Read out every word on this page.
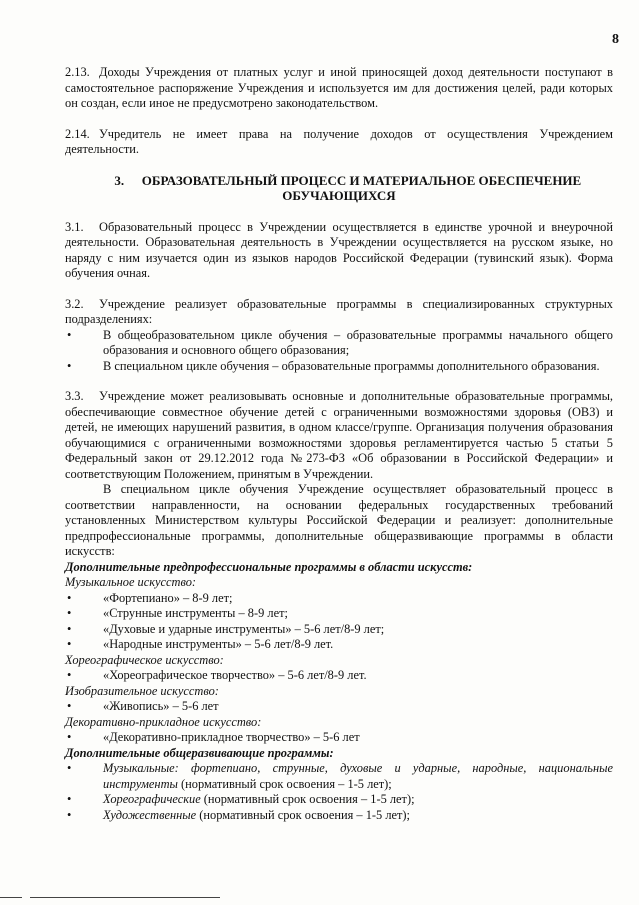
8

2.13. Доходы Учреждения от платных услуг и иной приносящей доход деятельности поступают в самостоятельное распоряжение Учреждения и используется им для достижения целей, ради которых он создан, если иное не предусмотрено законодательством.

2.14. Учредитель не имеет права на получение доходов от осуществления Учреждением деятельности.

3. ОБРАЗОВАТЕЛЬНЫЙ ПРОЦЕСС И МАТЕРИАЛЬНОЕ ОБЕСПЕЧЕНИЕ
ОБУЧАЮЩИХСЯ

3.1. Образовательный процесс в Учреждении осуществляется в единстве урочной и внеурочной деятельности. Образовательная деятельность в Учреждении осуществляется на русском языке, но наряду с ним изучается один из языков народов Российской Федерации (тувинский язык). Форма обучения очная.

3.2. Учреждение реализует образовательные программы в специализированных структурных подразделениях:

•	В общеобразовательном цикле обучения – образовательные программы начального общего образования и основного общего образования;

•	В специальном цикле обучения – образовательные программы дополнительного образования.

3.3. Учреждение может реализовывать основные и дополнительные образовательные программы, обеспечивающие совместное обучение детей с ограниченными возможностями здоровья (ОВЗ) и детей, не имеющих нарушений развития, в одном классе/группе. Организация получения образования обучающимися с ограниченными возможностями здоровья регламентируется частью 5 статьи 5 Федеральный закон от 29.12.2012 года №273-ФЗ «Об образовании в Российской Федерации» и соответствующим Положением, принятым в Учреждении.

В специальном цикле обучения Учреждение осуществляет образовательный процесс в соответствии направленности, на основании федеральных государственных требований установленных Министерством культуры Российской Федерации и реализует: дополнительные предпрофессиональные программы, дополнительные общеразвивающие программы в области искусств:

Дополнительные предпрофессиональные программы в области искусств:

Музыкальное искусство:

•	«Фортепиано» – 8-9 лет;

•	«Струнные инструменты – 8-9 лет;

•	«Духовые и ударные инструменты» – 5-6 лет/8-9 лет;

•	«Народные инструменты» – 5-6 лет/8-9 лет.

Хореографическое искусство:

•	«Хореографическое творчество» – 5-6 лет/8-9 лет.

Изобразительное искусство:

•	«Живопись» – 5-6 лет

Декоративно-прикладное искусство:

•	«Декоративно-прикладное творчество» – 5-6 лет

Дополнительные общеразвивающие программы:

•	Музыкальные: фортепиано, струнные, духовые и ударные, народные, национальные инструменты (нормативный срок освоения – 1-5 лет);

•	Хореографические (нормативный срок освоения – 1-5 лет);

•	Художественные (нормативный срок освоения – 1-5 лет);
